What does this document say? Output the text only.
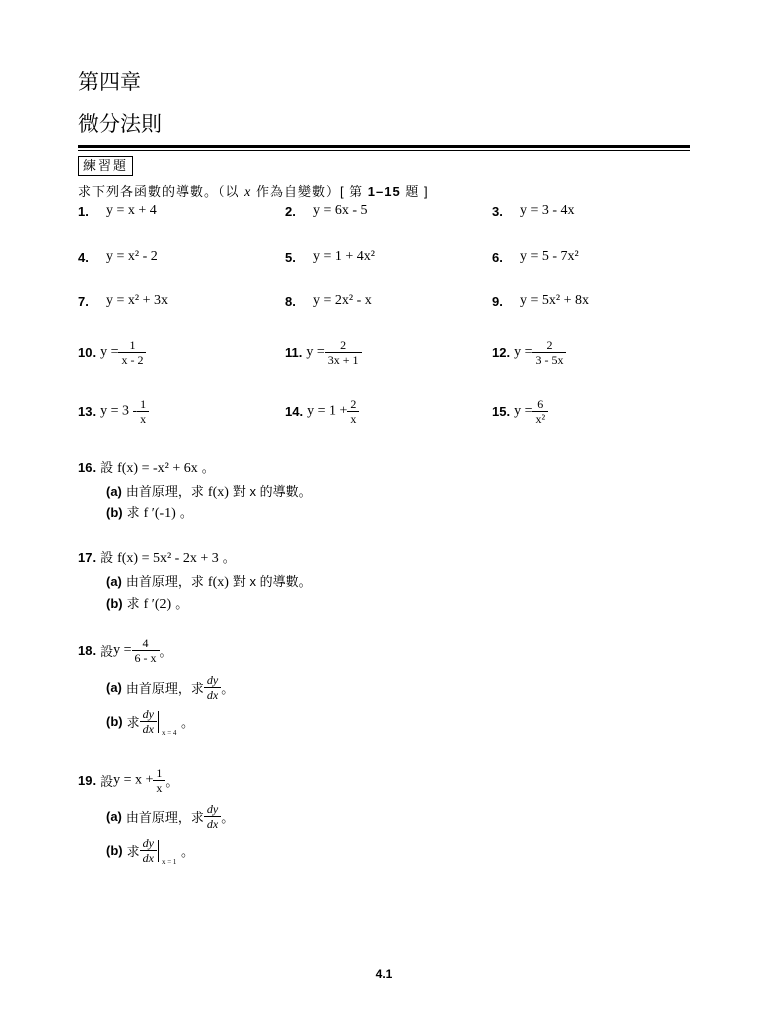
第四章
微分法則
練習題
求下列各函數的導數。（以 x 作為自變數）[ 第 1–15 題 ]
1. y = x + 4	2. y = 6x - 5	3. y = 3 - 4x
4. y = x² - 2	5. y = 1 + 4x²	6. y = 5 - 7x²
7. y = x² + 3x	8. y = 2x² - x	9. y = 5x² + 8x
10. $y = \frac{1}{x - 2}$	11. $y = \frac{2}{3x + 1}$	12. $y = \frac{2}{3 - 5x}$
13. $y = 3 - \frac{1}{x}$	14. $y = 1 + \frac{2}{x}$	15. $y = \frac{6}{\text{x²}}$
16. 設 f(x) = -x² + 6x 。
(a) 由首原理，求 f(x) 對 x 的導數。
(b) 求 f ′(-1) 。
17. 設 f(x) = 5x² - 2x + 3 。
(a) 由首原理，求 f(x) 對 x 的導數。
(b) 求 f ′(2) 。
18. 設$y = \frac{4}{6 - x}$ 。
(a) 由首原理，求 $\frac{dy}{dx}$ 。
(b) 求 $\frac{dy}{dx}$ x = 4
。
19. 設$y = x + \frac{1}{x}$ 。
(a) 由首原理，求 $\frac{dy}{dx}$ 。
(b) 求 $\frac{dy}{dx}$ x = 1
。
4.1
